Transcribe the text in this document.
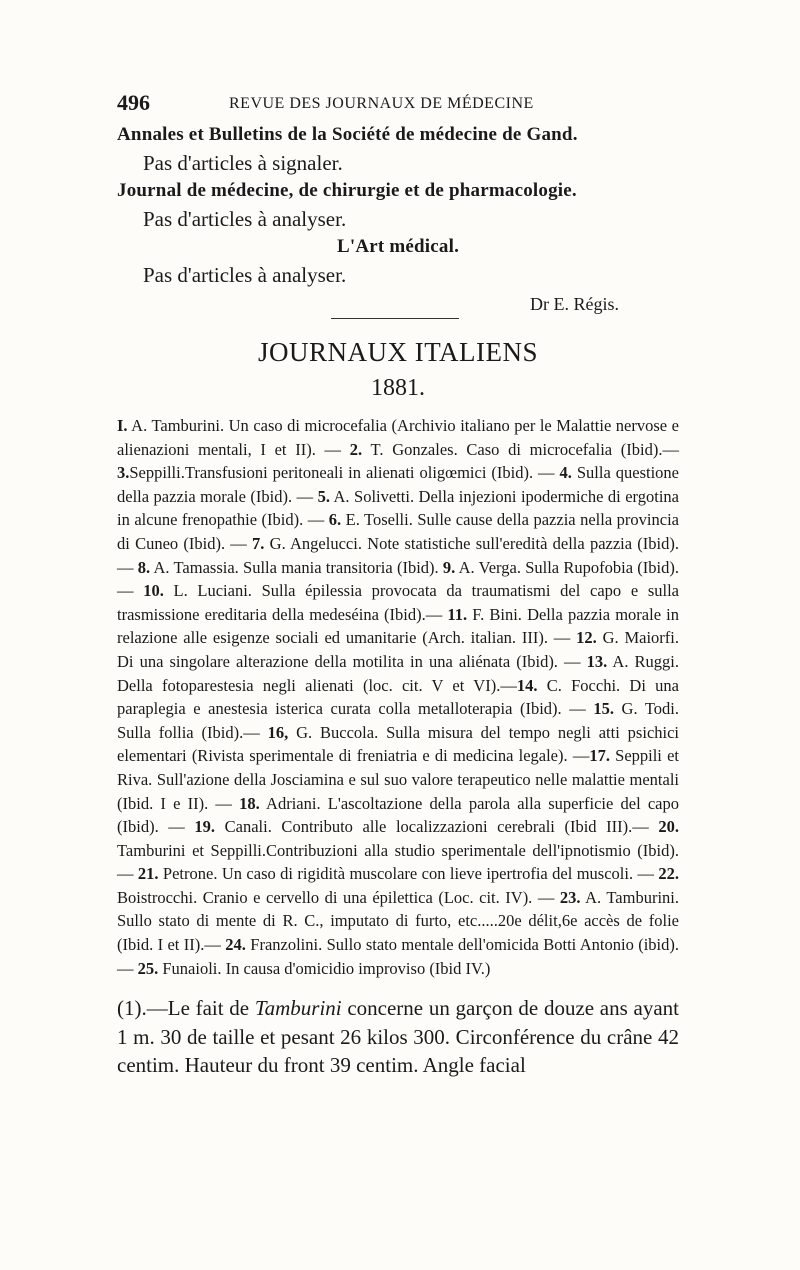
496	REVUE DES JOURNAUX DE MÉDECINE

Annales et Bulletins de la Société de médecine de Gand.

Pas d'articles à signaler.

Journal de médecine, de chirurgie et de pharmacologie.

Pas d'articles à analyser.

L'Art médical.

Pas d'articles à analyser.

Dr E. Régis.
JOURNAUX ITALIENS
1881.
I. A. Tamburini. Un caso di microcefalia (Archivio italiano per le Malattie nervose e alienazioni mentali, I et II). — 2. T. Gonzales. Caso di microcefalia (Ibid).— 3.Seppilli.Transfusioni peritoneali in alienati oligœmici (Ibid). — 4. Sulla questione della pazzia morale (Ibid). — 5. A. Solivetti. Della injezioni ipodermiche di ergotina in alcune frenopathie (Ibid). — 6. E. Toselli. Sulle cause della pazzia nella provincia di Cuneo (Ibid). — 7. G. Angelucci. Note statistiche sull'eredità della pazzia (Ibid). — 8. A. Tamassia. Sulla mania transitoria (Ibid). 9. A. Verga. Sulla Rupofobia (Ibid).— 10. L. Luciani. Sulla épilessia provocata da traumatismi del capo e sulla trasmissione ereditaria della medeséina (Ibid).— 11. F. Bini. Della pazzia morale in relazione alle esigenze sociali ed umanitarie (Arch. italian. III). — 12. G. Maiorfi. Di una singolare alterazione della motilita in una aliénata (Ibid). — 13. A. Ruggi. Della fotoparestesia negli alienati (loc. cit. V et VI).—14. C. Focchi. Di una paraplegia e anestesia isterica curata colla metalloterapia (Ibid). — 15. G. Todi. Sulla follia (Ibid).— 16, G. Buccola. Sulla misura del tempo negli atti psichici elementari (Rivista sperimentale di freniatria e di medicina legale). —17. Seppili et Riva. Sull'azione della Josciamina e sul suo valore terapeutico nelle malattie mentali (Ibid. I e II). — 18. Adriani. L'ascoltazione della parola alla superficie del capo (Ibid). — 19. Canali. Contributo alle localizzazioni cerebrali (Ibid III).— 20. Tamburini et Seppilli.Contribuzioni alla studio sperimentale dell'ipnotismio (Ibid). — 21. Petrone. Un caso di rigidità muscolare con lieve ipertrofia del muscoli. — 22. Boistrocchi. Cranio e cervello di una épilettica (Loc. cit. IV). — 23. A. Tamburini. Sullo stato di mente di R. C., imputato di furto, etc.....20e délit,6e accès de folie (Ibid. I et II).— 24. Franzolini. Sullo stato mentale dell'omicida Botti Antonio (ibid). — 25. Funaioli. In causa d'omicidio improviso (Ibid IV.)

(1).—Le fait de Tamburini concerne un garçon de douze ans ayant 1 m. 30 de taille et pesant 26 kilos 300. Circonférence du crâne 42 centim. Hauteur du front 39 centim. Angle facial
